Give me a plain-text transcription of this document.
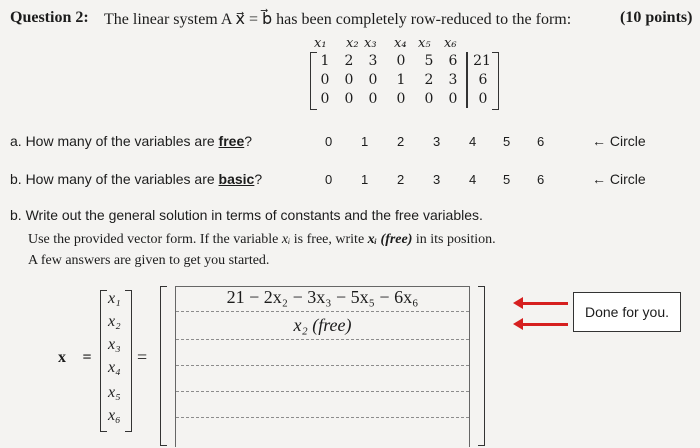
Question 2: The linear system A x⃗ = b⃗ has been completely row-reduced to the form:	(10 points)
x₁ x₂ x₃ x₄ x₅ x₆
1	2	3	0	5	6	21
0	0	0	1	2	3	6
0	0	0	0	0	0	0
a. How many of the variables are free?	0 1 2 3 4 5 6	← Circle
b. How many of the variables are basic?	0 1 2 3 4 5 6	← Circle
b. Write out the general solution in terms of constants and the free variables.
Use the provided vector form. If the variable xᵢ is free, write xᵢ (free) in its position.
A few answers are given to get you started.
x⃗ =
x₁
x₂
x₃
x₄
x₅
x₆
=
21 − 2x₂ − 3x₃ − 5x₅ − 6x₆
x₂ (free)
Done for you.
